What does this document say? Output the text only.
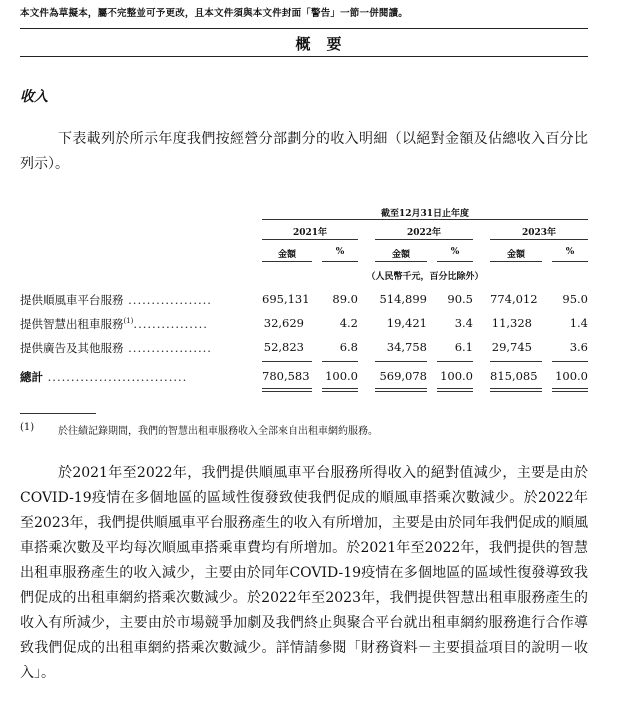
本文件為草擬本，屬不完整並可予更改，且本文件須與本文件封面「警告」一節一併閱讀。
概要
收入
下表載列於所示年度我們按經營分部劃分的收入明細（以絕對金額及佔總收入百分比列示）。
截至12月31日止年度
2021年	2022年	2023年
金額	%	金額	%	金額	%
（人民幣千元，百分比除外）
提供順風車平台服務 ..................	695,131	89.0	514,899	90.5 774,012	95.0
提供智慧出租車服務$^{(1)}$................	32,629	4.2	19,421	3.4 11,328	1.4
提供廣告及其他服務 ..................	52,823	6.8	34,758	6.1 29,745	3.6
總計 ..............................	780,583 100.0	569,078 100.0 815,085 100.0
(1) 於往績記錄期間，我們的智慧出租車服務收入全部來自出租車網約服務。
於2021年至2022年，我們提供順風車平台服務所得收入的絕對值減少，主要是由於COVID-19疫情在多個地區的區域性復發致使我們促成的順風車搭乘次數減少。於2022年至2023年，我們提供順風車平台服務產生的收入有所增加，主要是由於同年我們促成的順風車搭乘次數及平均每次順風車搭乘車費均有所增加。於2021年至2022年，我們提供的智慧出租車服務產生的收入減少，主要由於同年COVID-19疫情在多個地區的區域性復發導致我們促成的出租車網約搭乘次數減少。於2022年至2023年，我們提供智慧出租車服務產生的收入有所減少，主要由於市場競爭加劇及我們終止與聚合平台就出租車網約服務進行合作導致我們促成的出租車網約搭乘次數減少。詳情請參閱「財務資料－主要損益項目的說明－收入」。
